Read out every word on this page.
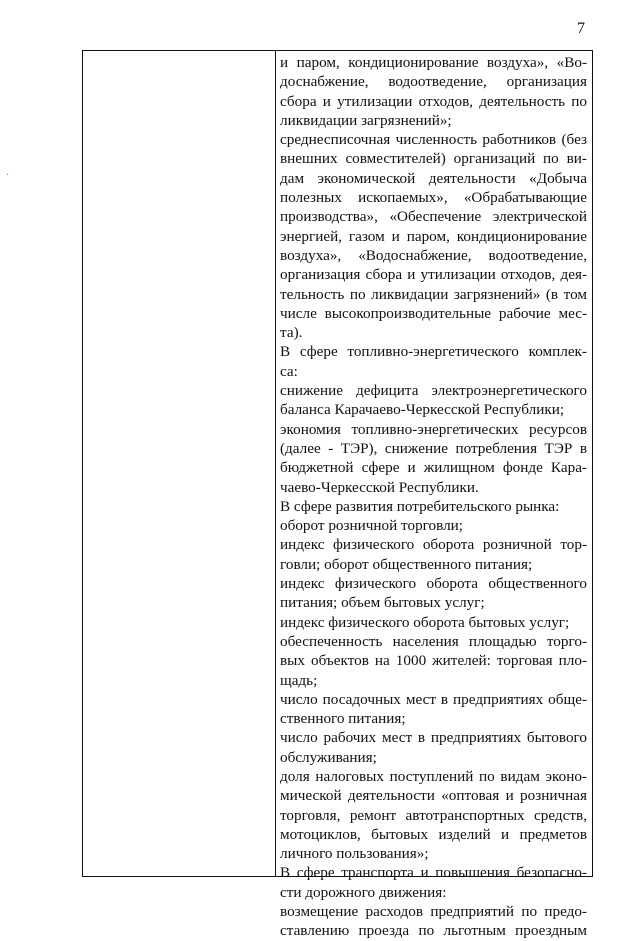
7
·
и паром, кондиционирование воздуха», «Во-
доснабжение, водоотведение, организация
сбора и утилизации отходов, деятельность по
ликвидации загрязнений»;
среднесписочная численность работников (без
внешних совместителей) организаций по ви-
дам экономической деятельности «Добыча
полезных ископаемых», «Обрабатывающие
производства», «Обеспечение электрической
энергией, газом и паром, кондиционирование
воздуха», «Водоснабжение, водоотведение,
организация сбора и утилизации отходов, дея-
тельность по ликвидации загрязнений» (в том
числе высокопроизводительные рабочие мес-
та).
В сфере топливно-энергетического комплек-
са:
снижение дефицита электроэнергетического
баланса Карачаево-Черкесской Республики;
экономия топливно-энергетических ресурсов
(далее - ТЭР), снижение потребления ТЭР в
бюджетной сфере и жилищном фонде Кара-
чаево-Черкесской Республики.
В сфере развития потребительского рынка:
оборот розничной торговли;
индекс физического оборота розничной тор-
говли; оборот общественного питания;
индекс физического оборота общественного
питания; объем бытовых услуг;
индекс физического оборота бытовых услуг;
обеспеченность населения площадью торго-
вых объектов на 1000 жителей: торговая пло-
щадь;
число посадочных мест в предприятиях обще-
ственного питания;
число рабочих мест в предприятиях бытового
обслуживания;
доля налоговых поступлений по видам эконо-
мической деятельности «оптовая и розничная
торговля, ремонт автотранспортных средств,
мотоциклов, бытовых изделий и предметов
личного пользования»;
В сфере транспорта и повышения безопасно-
сти дорожного движения:
возмещение расходов предприятий по предо-
ставлению проезда по льготным проездным
